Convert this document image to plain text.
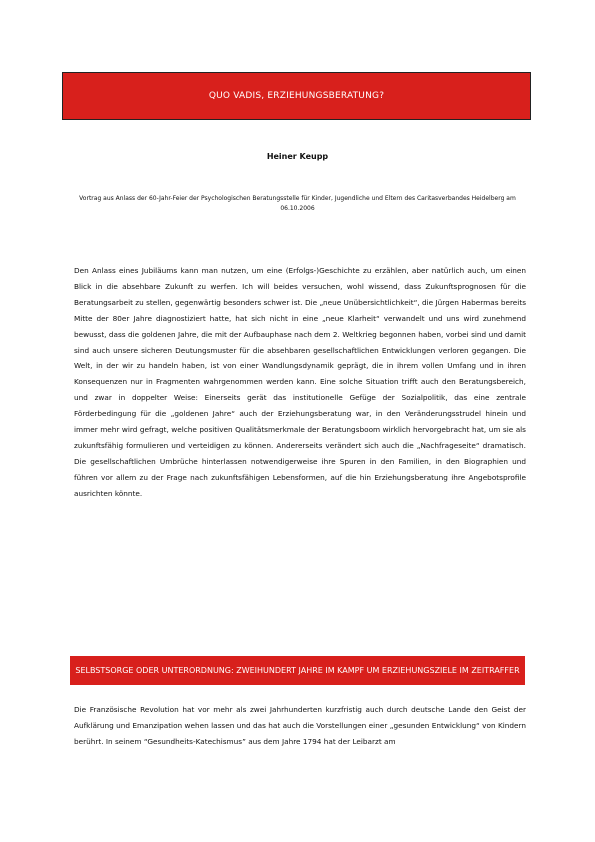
QUO VADIS, ERZIEHUNGSBERATUNG?
Heiner Keupp
Vortrag aus Anlass der 60-Jahr-Feier der Psychologischen Beratungsstelle für Kinder, Jugendliche und Eltern des Caritasverbandes Heidelberg am 06.10.2006

Den Anlass eines Jubiläums kann man nutzen, um eine (Erfolgs-)Geschichte zu erzählen, aber natürlich auch, um einen Blick in die absehbare Zukunft zu werfen. Ich will beides versuchen, wohl wissend, dass Zukunftsprognosen für die Beratungsarbeit zu stellen, gegenwärtig besonders schwer ist. Die „neue Unübersichtlichkeit“, die Jürgen Habermas bereits Mitte der 80er Jahre diagnostiziert hatte, hat sich nicht in eine „neue Klarheit“ verwandelt und uns wird zunehmend bewusst, dass die goldenen Jahre, die mit der Aufbauphase nach dem 2. Weltkrieg begonnen haben, vorbei sind und damit sind auch unsere sicheren Deutungsmuster für die absehbaren gesellschaftlichen Entwicklungen verloren gegangen. Die Welt, in der wir zu handeln haben, ist von einer Wandlungsdynamik geprägt, die in ihrem vollen Umfang und in ihren Konsequenzen nur in Fragmenten wahrgenommen werden kann. Eine solche Situation trifft auch den Beratungsbereich, und zwar in doppelter Weise: Einerseits gerät das institutionelle Gefüge der Sozialpolitik, das eine zentrale Förderbedingung für die „goldenen Jahre“ auch der Erziehungsberatung war, in den Veränderungsstrudel hinein und immer mehr wird gefragt, welche positiven Qualitätsmerkmale der Beratungsboom wirklich hervorgebracht hat, um sie als zukunftsfähig formulieren und verteidigen zu können. Andererseits verändert sich auch die „Nachfrageseite“ dramatisch. Die gesellschaftlichen Umbrüche hinterlassen notwendigerweise ihre Spuren in den Familien, in den Biographien und führen vor allem zu der Frage nach zukunftsfähigen Lebensformen, auf die hin Erziehungsberatung ihre Angebotsprofile ausrichten könnte.

SELBSTSORGE ODER UNTERORDNUNG: ZWEIHUNDERT JAHRE IM KAMPF UM ERZIEHUNGSZIELE IM ZEITRAFFER

Die Französische Revolution hat vor mehr als zwei Jahrhunderten kurzfristig auch durch deutsche Lande den Geist der Aufklärung und Emanzipation wehen lassen und das hat auch die Vorstellungen einer „gesunden Entwicklung“ von Kindern berührt. In seinem “Gesundheits-Katechismus” aus dem Jahre 1794 hat der Leibarzt am
